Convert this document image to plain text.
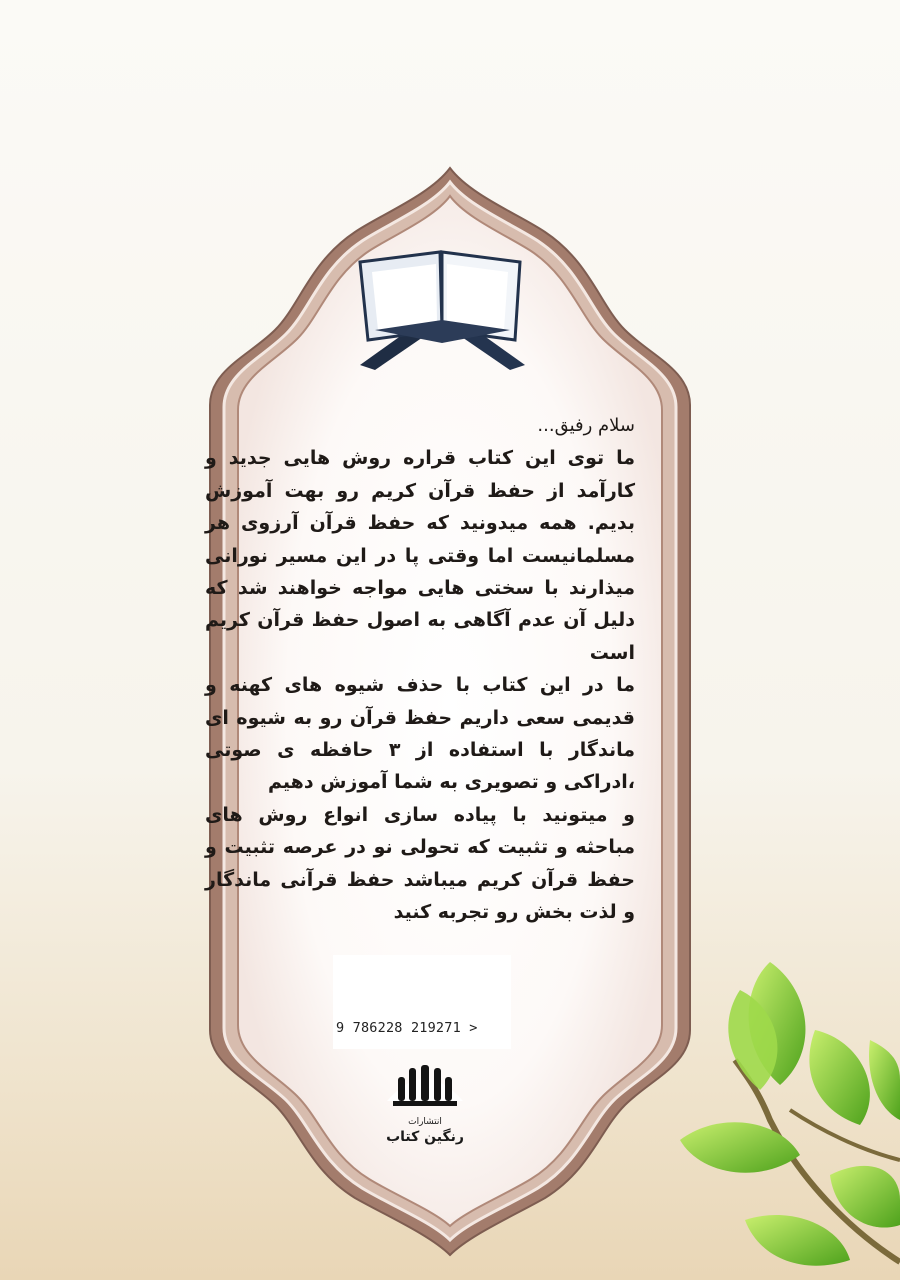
سلام رفیق...

ما توی این کتاب قراره روش هایی جدید و کارآمد از حفظ قرآن کریم رو بهت آموزش بدیم. همه میدونید که حفظ قرآن آرزوی هر مسلمانیست اما وقتی پا در این مسیر نورانی میذارند با سختی هایی مواجه خواهند شد که دلیل آن عدم آگاهی به اصول حفظ قرآن کریم است

ما در این کتاب با حذف شیوه های کهنه و قدیمی سعی داریم حفظ قرآن رو به شیوه ای ماندگار با استفاده از ۳ حافظه ی صوتی ،ادراکی و تصویری به شما آموزش دهیم

و میتونید با پیاده سازی انواع روش های مباحثه و تثبیت که تحولی نو در عرصه تثبیت و حفظ قرآن کریم میباشد حفظ قرآنی ماندگار و لذت بخش رو تجربه کنید

9 786228 219271 >
انتشارات
رنگین کتاب
